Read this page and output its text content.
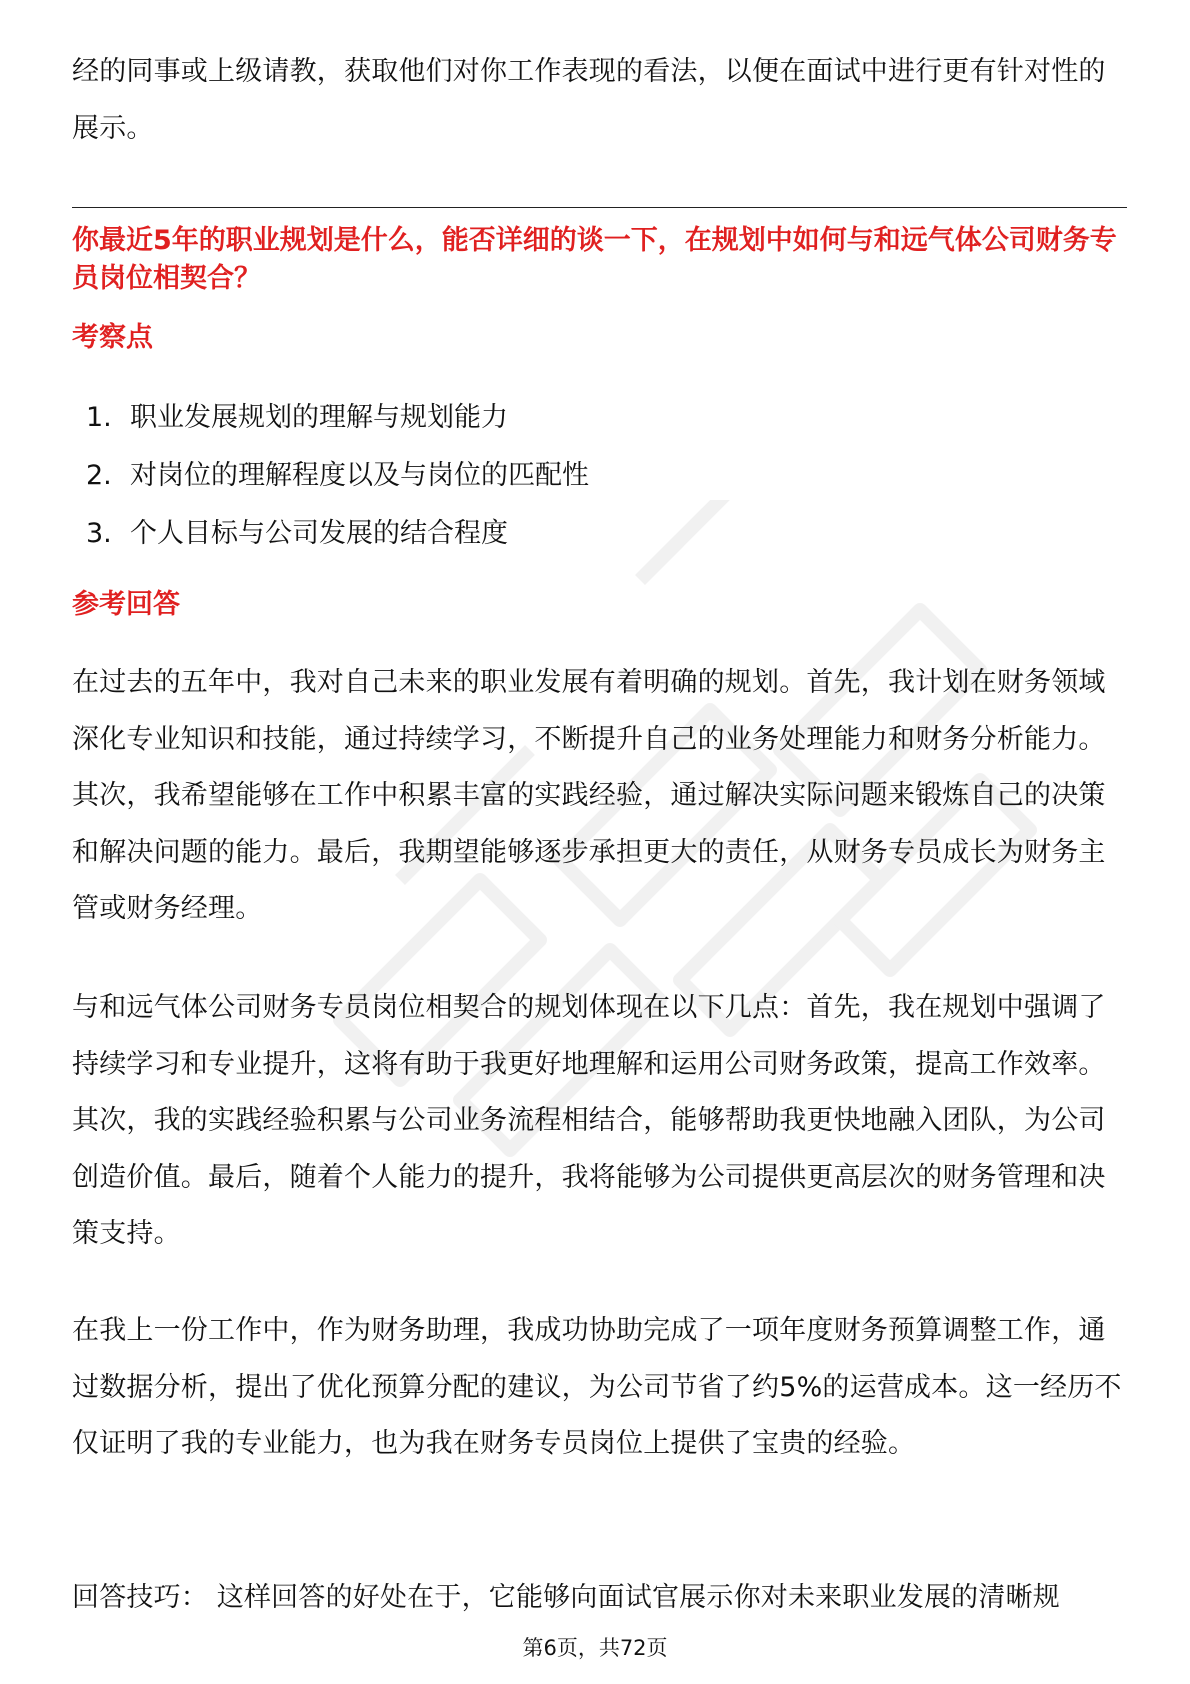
经的同事或上级请教，获取他们对你工作表现的看法，以便在面试中进行更有针对性的展示。

你最近5年的职业规划是什么，能否详细的谈一下，在规划中如何与和远气体公司财务专员岗位相契合？

考察点

1. 职业发展规划的理解与规划能力
2. 对岗位的理解程度以及与岗位的匹配性
3. 个人目标与公司发展的结合程度

参考回答

在过去的五年中，我对自己未来的职业发展有着明确的规划。首先，我计划在财务领域深化专业知识和技能，通过持续学习，不断提升自己的业务处理能力和财务分析能力。其次，我希望能够在工作中积累丰富的实践经验，通过解决实际问题来锻炼自己的决策和解决问题的能力。最后，我期望能够逐步承担更大的责任，从财务专员成长为财务主管或财务经理。

与和远气体公司财务专员岗位相契合的规划体现在以下几点：首先，我在规划中强调了持续学习和专业提升，这将有助于我更好地理解和运用公司财务政策，提高工作效率。其次，我的实践经验积累与公司业务流程相结合，能够帮助我更快地融入团队，为公司创造价值。最后，随着个人能力的提升，我将能够为公司提供更高层次的财务管理和决策支持。

在我上一份工作中，作为财务助理，我成功协助完成了一项年度财务预算调整工作，通过数据分析，提出了优化预算分配的建议，为公司节省了约5%的运营成本。这一经历不仅证明了我的专业能力，也为我在财务专员岗位上提供了宝贵的经验。

回答技巧： 这样回答的好处在于，它能够向面试官展示你对未来职业发展的清晰规

第6页，共72页
